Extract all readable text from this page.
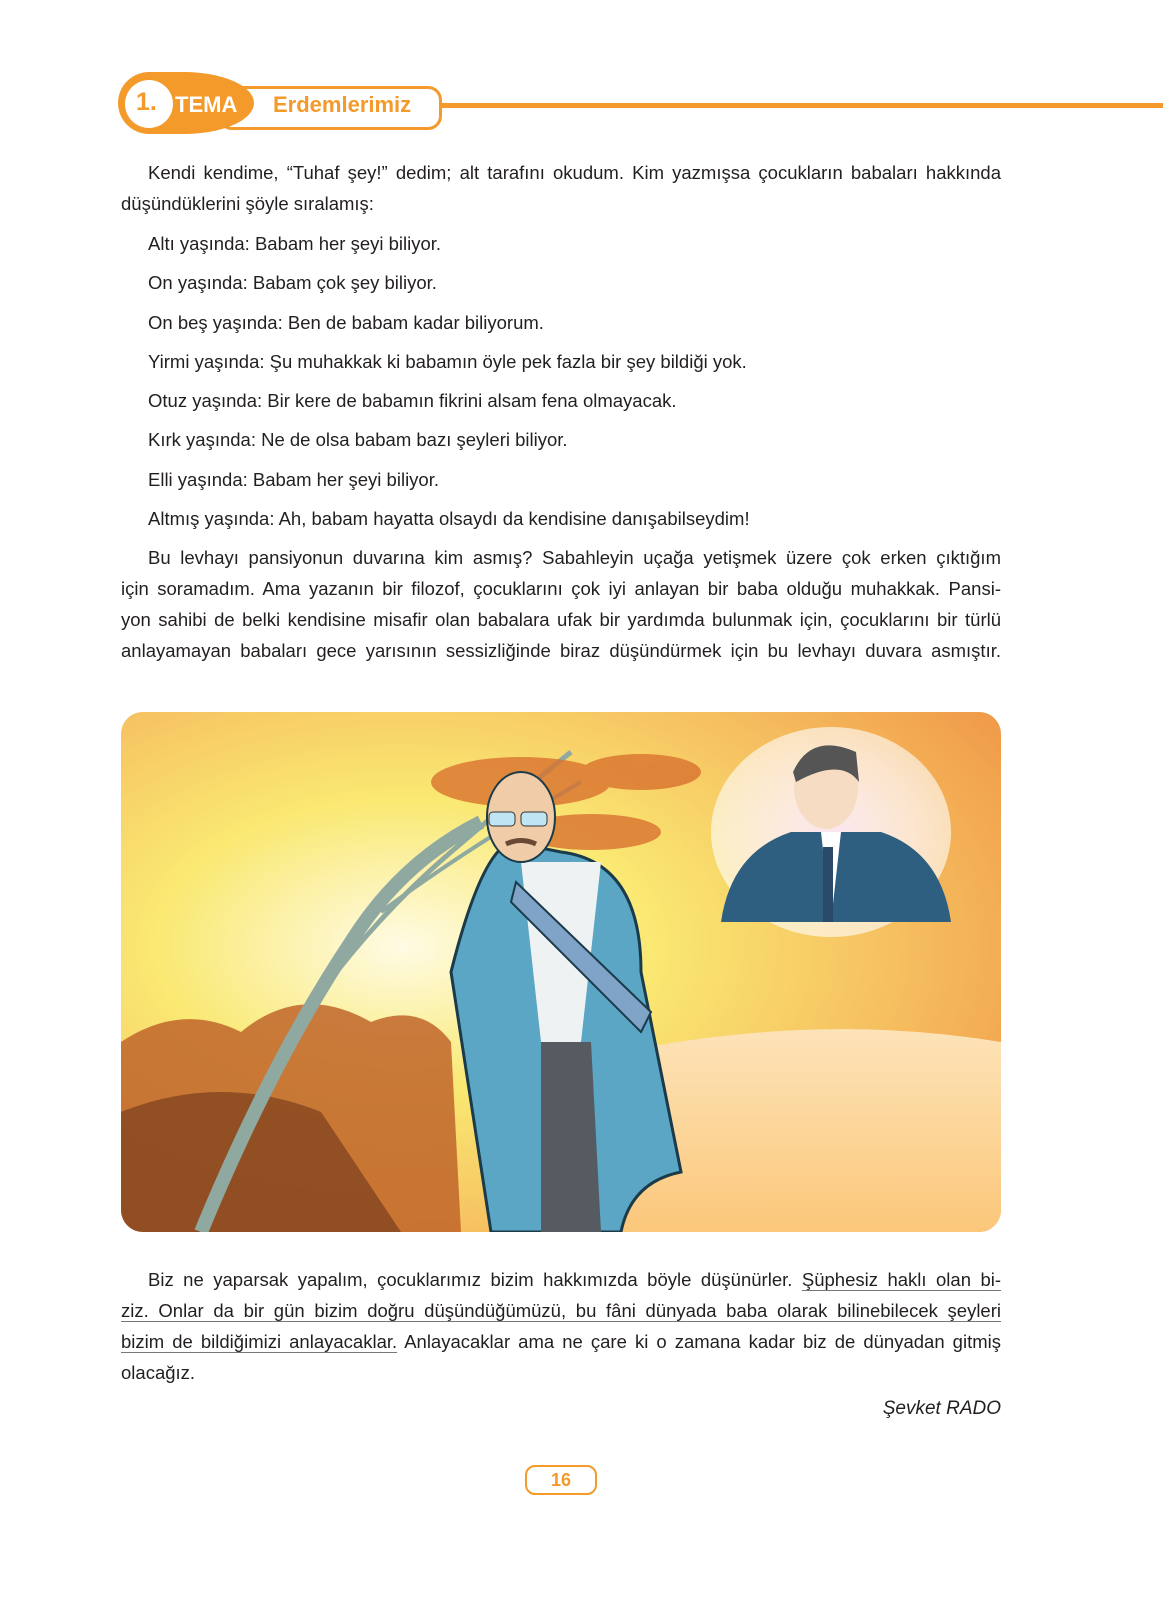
Erdemlerimiz
1. TEMA
Kendi kendime, “Tuhaf şey!” dedim; alt tarafını okudum. Kim yazmışsa çocukların babaları hakkında
düşündüklerini şöyle sıralamış:
Altı yaşında: Babam her şeyi biliyor.
On yaşında: Babam çok şey biliyor.
On beş yaşında: Ben de babam kadar biliyorum.
Yirmi yaşında: Şu muhakkak ki babamın öyle pek fazla bir şey bildiği yok.
Otuz yaşında: Bir kere de babamın fikrini alsam fena olmayacak.
Kırk yaşında: Ne de olsa babam bazı şeyleri biliyor.
Elli yaşında: Babam her şeyi biliyor.
Altmış yaşında: Ah, babam hayatta olsaydı da kendisine danışabilseydim!
Bu levhayı pansiyonun duvarına kim asmış? Sabahleyin uçağa yetişmek üzere çok erken çıktığım
için soramadım. Ama yazanın bir filozof, çocuklarını çok iyi anlayan bir baba olduğu muhakkak. Pansi-
yon sahibi de belki kendisine misafir olan babalara ufak bir yardımda bulunmak için, çocuklarını bir türlü
anlayamayan babaları gece yarısının sessizliğinde biraz düşündürmek için bu levhayı duvara asmıştır.
Biz ne yaparsak yapalım, çocuklarımız bizim hakkımızda böyle düşünürler. Şüphesiz haklı olan bi-
ziz. Onlar da bir gün bizim doğru düşündüğümüzü, bu fâni dünyada baba olarak bilinebilecek şeyleri
bizim de bildiğimizi anlayacaklar. Anlayacaklar ama ne çare ki o zamana kadar biz de dünyadan gitmiş
olacağız.
Şevket RADO
16
